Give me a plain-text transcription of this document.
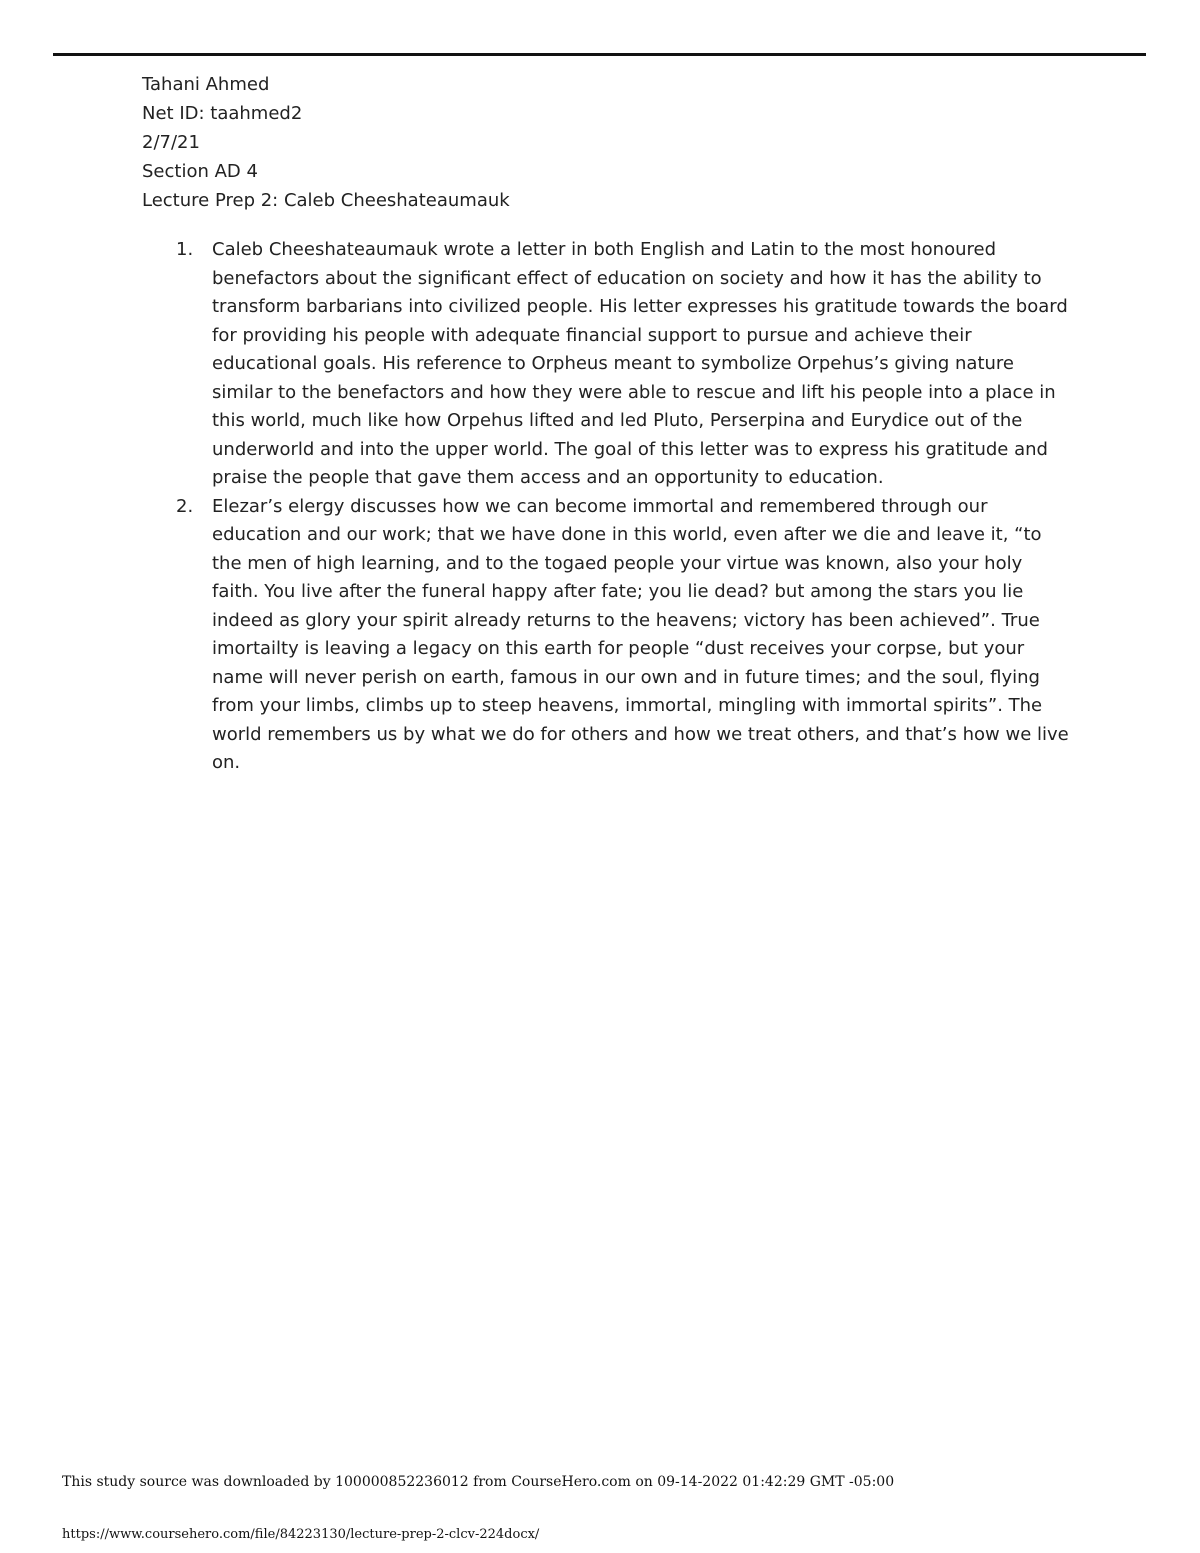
Tahani Ahmed
Net ID: taahmed2
2/7/21
Section AD 4
Lecture Prep 2: Caleb Cheeshateaumauk
1.	Caleb Cheeshateaumauk wrote a letter in both English and Latin to the most honoured benefactors about the significant effect of education on society and how it has the ability to transform barbarians into civilized people. His letter expresses his gratitude towards the board for providing his people with adequate financial support to pursue and achieve their educational goals. His reference to Orpheus meant to symbolize Orpehus’s giving nature similar to the benefactors and how they were able to rescue and lift his people into a place in this world, much like how Orpehus lifted and led Pluto, Perserpina and Eurydice out of the underworld and into the upper world. The goal of this letter was to express his gratitude and praise the people that gave them access and an opportunity to education.
2.	Elezar’s elergy discusses how we can become immortal and remembered through our education and our work; that we have done in this world, even after we die and leave it, “to the men of high learning, and to the togaed people your virtue was known, also your holy faith. You live after the funeral happy after fate; you lie dead? but among the stars you lie indeed as glory your spirit already returns to the heavens; victory has been achieved”. True imortailty is leaving a legacy on this earth for people “dust receives your corpse, but your name will never perish on earth, famous in our own and in future times; and the soul, flying from your limbs, climbs up to steep heavens, immortal, mingling with immortal spirits”. The world remembers us by what we do for others and how we treat others, and that’s how we live on.
This study source was downloaded by 100000852236012 from CourseHero.com on 09-14-2022 01:42:29 GMT -05:00
https://www.coursehero.com/file/84223130/lecture-prep-2-clcv-224docx/
